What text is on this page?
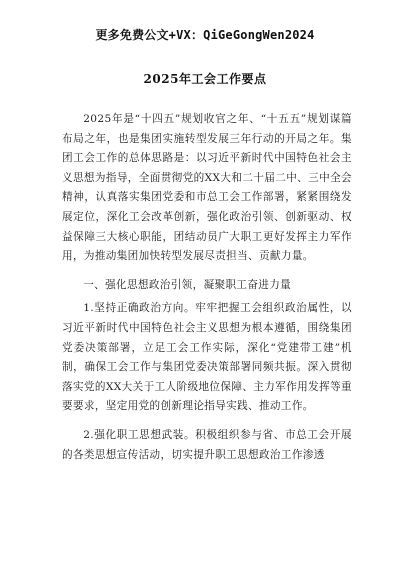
更多免费公文+VX：QiGeGongWen2024
2025年工会工作要点

2025年是“十四五”规划收官之年、“十五五”规划谋篇布局之年，也是集团实施转型发展三年行动的开局之年。集团工会工作的总体思路是：以习近平新时代中国特色社会主义思想为指导，全面贯彻党的XX大和二十届二中、三中全会精神，认真落实集团党委和市总工会工作部署，紧紧围绕发展定位，深化工会改革创新，强化政治引领、创新驱动、权益保障三大核心职能，团结动员广大职工更好发挥主力军作用，为推动集团加快转型发展尽责担当、贡献力量。

一、强化思想政治引领，凝聚职工奋进力量

1.坚持正确政治方向。牢牢把握工会组织政治属性，以习近平新时代中国特色社会主义思想为根本遵循，围绕集团党委决策部署，立足工会工作实际，深化“党建带工建”机制，确保工会工作与集团党委决策部署同频共振。深入贯彻落实党的XX大关于工人阶级地位保障、主力军作用发挥等重要要求，坚定用党的创新理论指导实践、推动工作。

2.强化职工思想武装。积极组织参与省、市总工会开展的各类思想宣传活动，切实提升职工思想政治工作渗透
